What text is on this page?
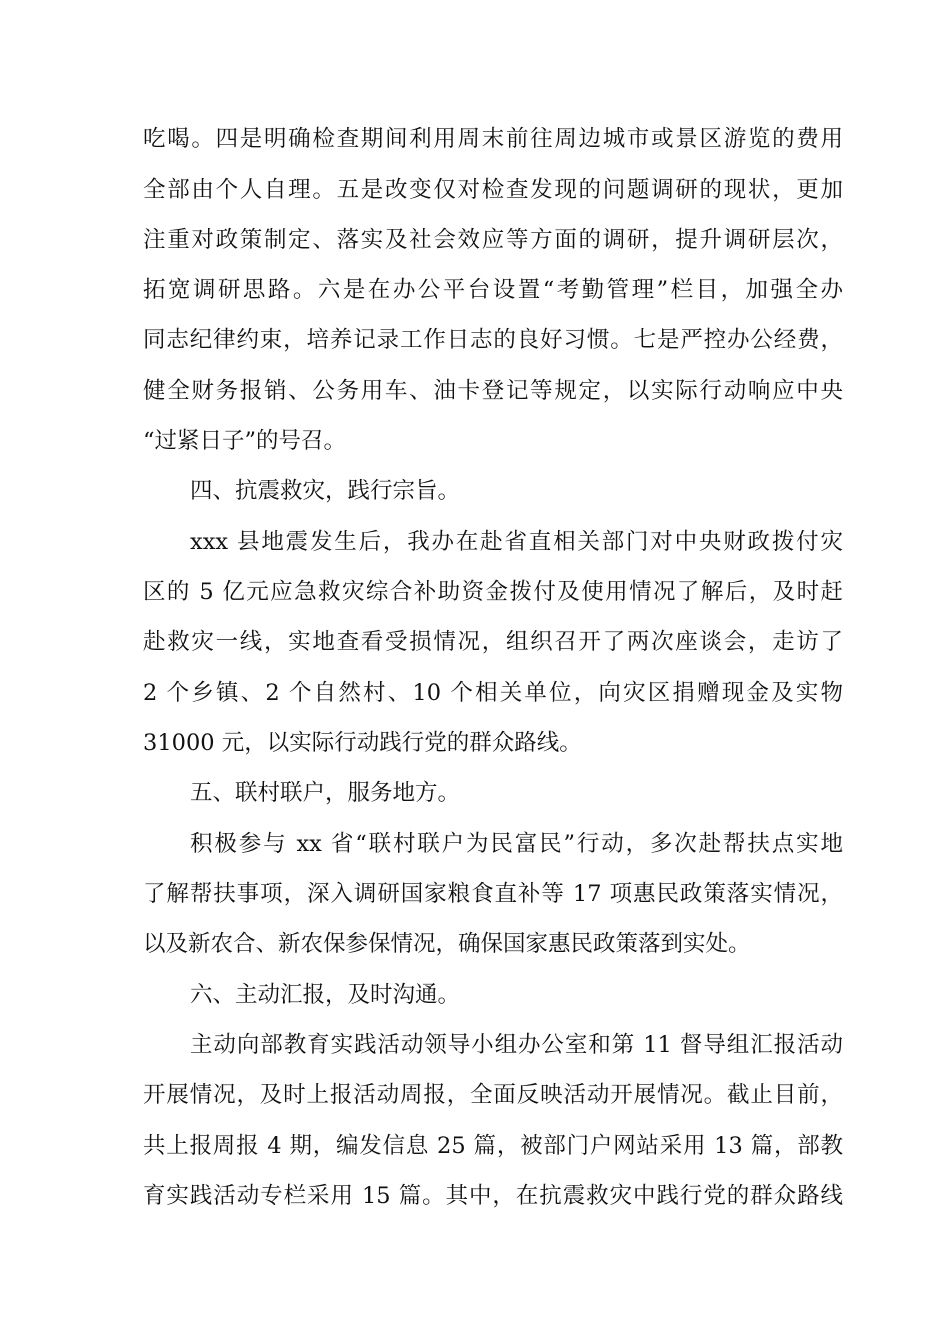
吃喝。四是明确检查期间利用周末前往周边城市或景区游览的费用
全部由个人自理。五是改变仅对检查发现的问题调研的现状，更加
注重对政策制定、落实及社会效应等方面的调研，提升调研层次，
拓宽调研思路。六是在办公平台设置“考勤管理”栏目，加强全办
同志纪律约束，培养记录工作日志的良好习惯。七是严控办公经费，
健全财务报销、公务用车、油卡登记等规定，以实际行动响应中央
“过紧日子”的号召。
四、抗震救灾，践行宗旨。
xxx 县地震发生后，我办在赴省直相关部门对中央财政拨付灾
区的 5 亿元应急救灾综合补助资金拨付及使用情况了解后，及时赶
赴救灾一线，实地查看受损情况，组织召开了两次座谈会，走访了
2 个乡镇、2 个自然村、10 个相关单位，向灾区捐赠现金及实物
31000 元，以实际行动践行党的群众路线。
五、联村联户，服务地方。
积极参与 xx 省“联村联户为民富民”行动，多次赴帮扶点实地
了解帮扶事项，深入调研国家粮食直补等 17 项惠民政策落实情况，
以及新农合、新农保参保情况，确保国家惠民政策落到实处。
六、主动汇报，及时沟通。
主动向部教育实践活动领导小组办公室和第 11 督导组汇报活动
开展情况，及时上报活动周报，全面反映活动开展情况。截止目前，
共上报周报 4 期，编发信息 25 篇，被部门户网站采用 13 篇，部教
育实践活动专栏采用 15 篇。其中，在抗震救灾中践行党的群众路线
